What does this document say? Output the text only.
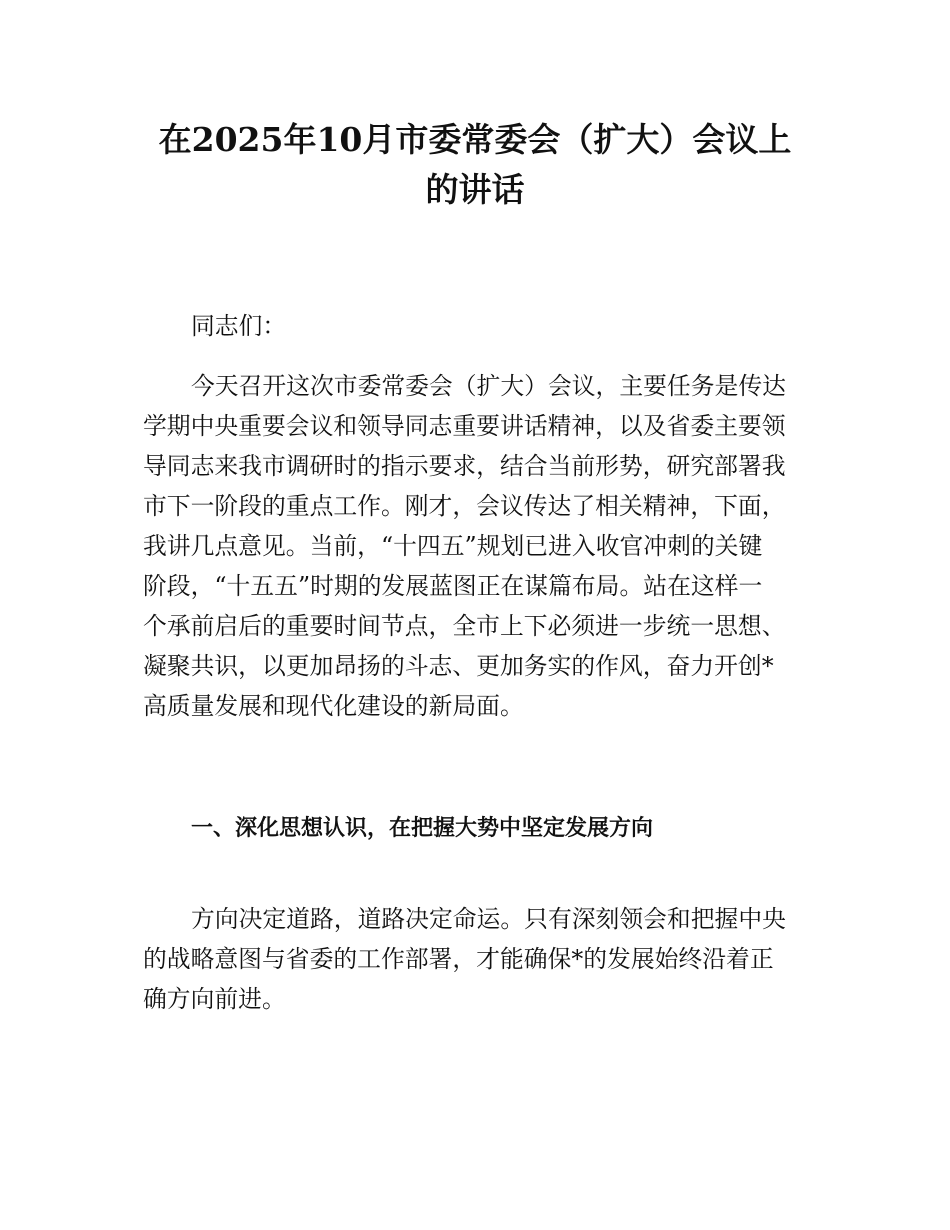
在2025年10月市委常委会（扩大）会议上
的讲话
同志们：
今天召开这次市委常委会（扩大）会议，主要任务是传达
学期中央重要会议和领导同志重要讲话精神，以及省委主要领
导同志来我市调研时的指示要求，结合当前形势，研究部署我
市下一阶段的重点工作。刚才，会议传达了相关精神，下面，
我讲几点意见。当前，“十四五”规划已进入收官冲刺的关键
阶段，“十五五”时期的发展蓝图正在谋篇布局。站在这样一
个承前启后的重要时间节点，全市上下必须进一步统一思想、
凝聚共识，以更加昂扬的斗志、更加务实的作风，奋力开创*
高质量发展和现代化建设的新局面。
一、深化思想认识，在把握大势中坚定发展方向
方向决定道路，道路决定命运。只有深刻领会和把握中央
的战略意图与省委的工作部署，才能确保*的发展始终沿着正
确方向前进。
